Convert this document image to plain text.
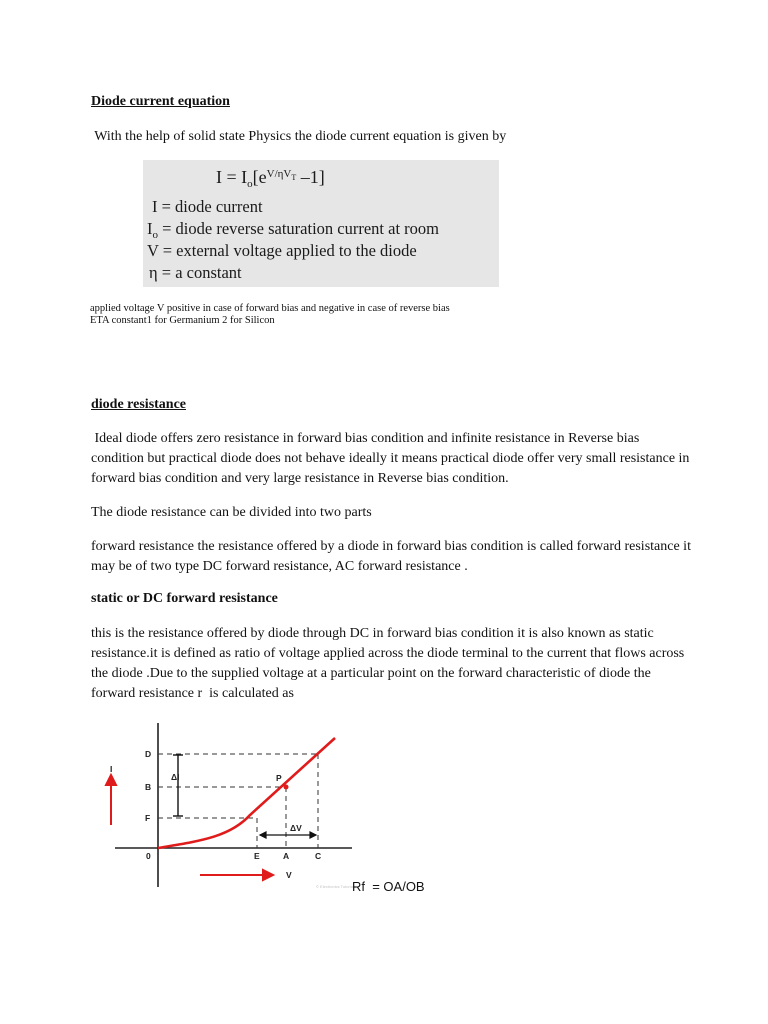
Diode current equation
With the help of solid state Physics the diode current equation is given by
$I = I_o[e^{V/\eta VT}$ –1]
I = diode current
$I_o$ = diode reverse saturation current at room
V = external voltage applied to the diode
η = a constant
applied voltage V positive in case of forward bias and negative in case of reverse bias
ETA constant1 for Germanium 2 for Silicon
diode resistance
Ideal diode offers zero resistance in forward bias condition and infinite resistance in Reverse bias condition but practical diode does not behave ideally it means practical diode offer very small resistance in forward bias condition and very large resistance in Reverse bias condition.
The diode resistance can be divided into two parts
forward resistance the resistance offered by a diode in forward bias condition is called forward resistance it may be of two type DC forward resistance, AC forward resistance .
static or DC forward resistance
this is the resistance offered by diode through DC in forward bias condition it is also known as static resistance.it is defined as ratio of voltage applied across the diode terminal to the current that flows across the diode .Due to the supplied voltage at a particular point on the forward characteristic of diode the forward resistance r  is calculated as
I
D
B
F
0	E	A	C
P
ΔI
ΔV
V
© Electronics Tutorials
Rf  = OA/OB
